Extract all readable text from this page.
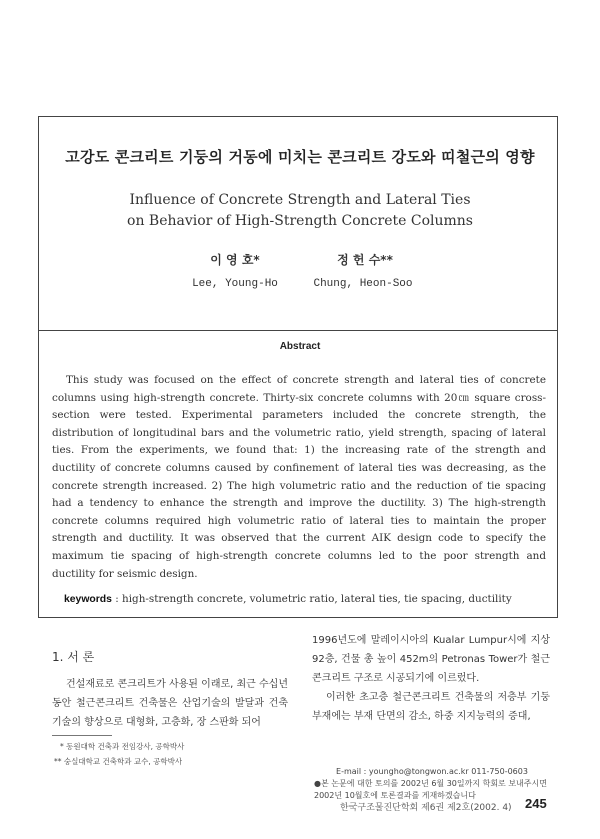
고강도 콘크리트 기둥의 거동에 미치는 콘크리트 강도와 띠철근의 영향
Influence of Concrete Strength and Lateral Ties
on Behavior of High-Strength Concrete Columns
이 영 호*	정 헌 수**
Lee, Young-Ho	Chung, Heon-Soo
Abstract

This study was focused on the effect of concrete strength and lateral ties of concrete columns using high-strength concrete. Thirty-six concrete columns with 20㎝ square cross-section were tested. Experimental parameters included the concrete strength, the distribution of longitudinal bars and the volumetric ratio, yield strength, spacing of lateral ties. From the experiments, we found that: 1) the increasing rate of the strength and ductility of concrete columns caused by confinement of lateral ties was decreasing, as the concrete strength increased. 2) The high volumetric ratio and the reduction of tie spacing had a tendency to enhance the strength and improve the ductility. 3) The high-strength concrete columns required high volumetric ratio of lateral ties to maintain the proper strength and ductility. It was observed that the current AIK design code to specify the maximum tie spacing of high-strength concrete columns led to the poor strength and ductility for seismic design.

keywords : high-strength concrete, volumetric ratio, lateral ties, tie spacing, ductility
1. 서 론

건설재료로 콘크리트가 사용된 이래로, 최근 수십년 동안 철근콘크리트 건축물은 산업기술의 발달과 건축기술의 향상으로 대형화, 고층화, 장 스판화 되어

* 동원대학 건축과 전임강사, 공학박사
** 숭실대학교 건축학과 교수, 공학박사

1996년도에 말레이시아의 Kualar Lumpur시에 지상 92층, 건물 총 높이 452m의 Petronas Tower가 철근콘크리트 구조로 시공되기에 이르렀다.

이러한 초고층 철근콘크리트 건축물의 저층부 기둥 부재에는 부재 단면의 감소, 하중 지지능력의 증대,

E-mail : youngho@tongwon.ac.kr 011-750-0603

●본 논문에 대한 토의를 2002년 6월 30일까지 학회로 보내주시면 2002년 10월호에 토론결과를 게재하겠습니다

한국구조물진단학회 제6권 제2호(2002. 4) 245
